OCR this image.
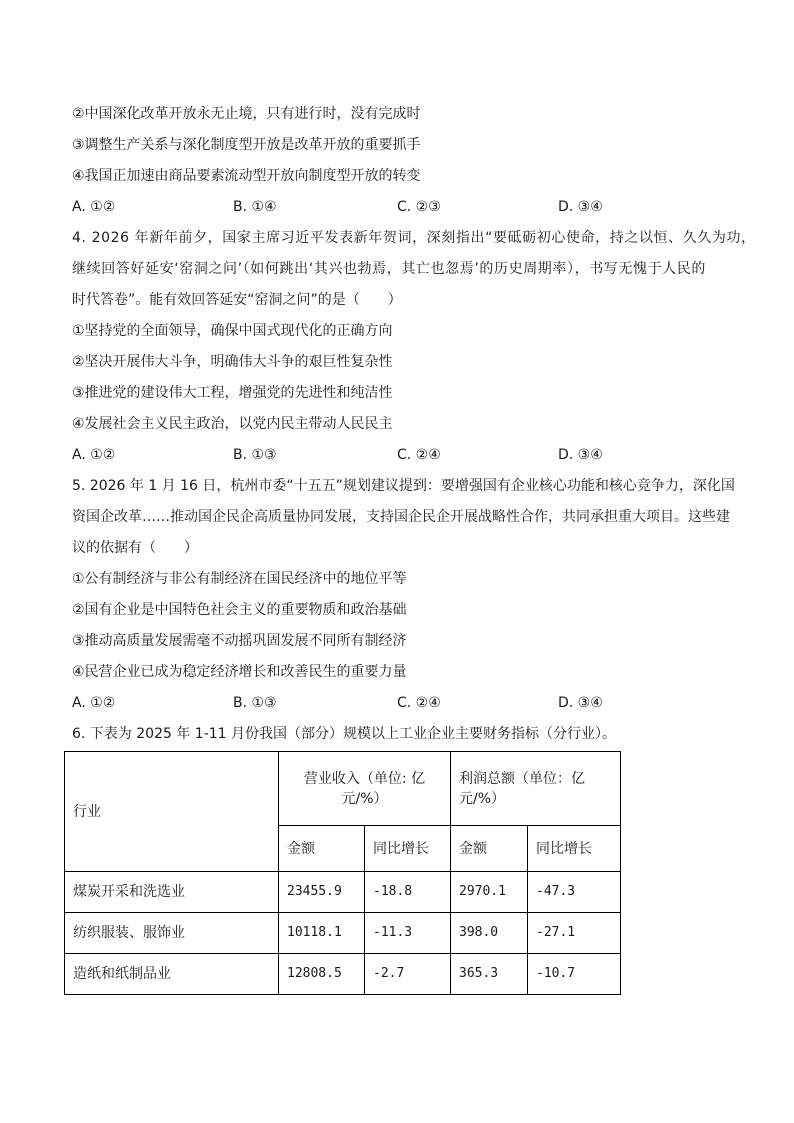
②中国深化改革开放永无止境，只有进行时，没有完成时
③调整生产关系与深化制度型开放是改革开放的重要抓手
④我国正加速由商品要素流动型开放向制度型开放的转变
A. ①②	B. ①④	C. ②③	D. ③④
4. 2026 年新年前夕，国家主席习近平发表新年贺词，深刻指出“要砥砺初心使命，持之以恒、久久为功，
继续回答好延安‘窑洞之问’（如何跳出‘其兴也勃焉，其亡也忽焉’的历史周期率），书写无愧于人民的
时代答卷”。能有效回答延安“窑洞之问”的是（　　）
①坚持党的全面领导，确保中国式现代化的正确方向
②坚决开展伟大斗争，明确伟大斗争的艰巨性复杂性
③推进党的建设伟大工程，增强党的先进性和纯洁性
④发展社会主义民主政治，以党内民主带动人民民主
A. ①②	B. ①③	C. ②④	D. ③④
5. 2026 年 1 月 16 日，杭州市委“十五五”规划建议提到：要增强国有企业核心功能和核心竞争力，深化国
资国企改革……推动国企民企高质量协同发展，支持国企民企开展战略性合作，共同承担重大项目。这些建
议的依据有（　　）
①公有制经济与非公有制经济在国民经济中的地位平等
②国有企业是中国特色社会主义的重要物质和政治基础
③推动高质量发展需毫不动摇巩固发展不同所有制经济
④民营企业已成为稳定经济增长和改善民生的重要力量
A. ①②	B. ①③	C. ②④	D. ③④
6. 下表为 2025 年 1-11 月份我国（部分）规模以上工业企业主要财务指标（分行业）。
行业	营业收入（单位: 亿元/%）		利润总额（单位：亿元/%）	
	金额	同比增长	金额	同比增长
煤炭开采和洗选业	23455.9	-18.8	2970.1	-47.3
纺织服装、服饰业	10118.1	-11.3	398.0	-27.1
造纸和纸制品业	12808.5	-2.7	365.3	-10.7
